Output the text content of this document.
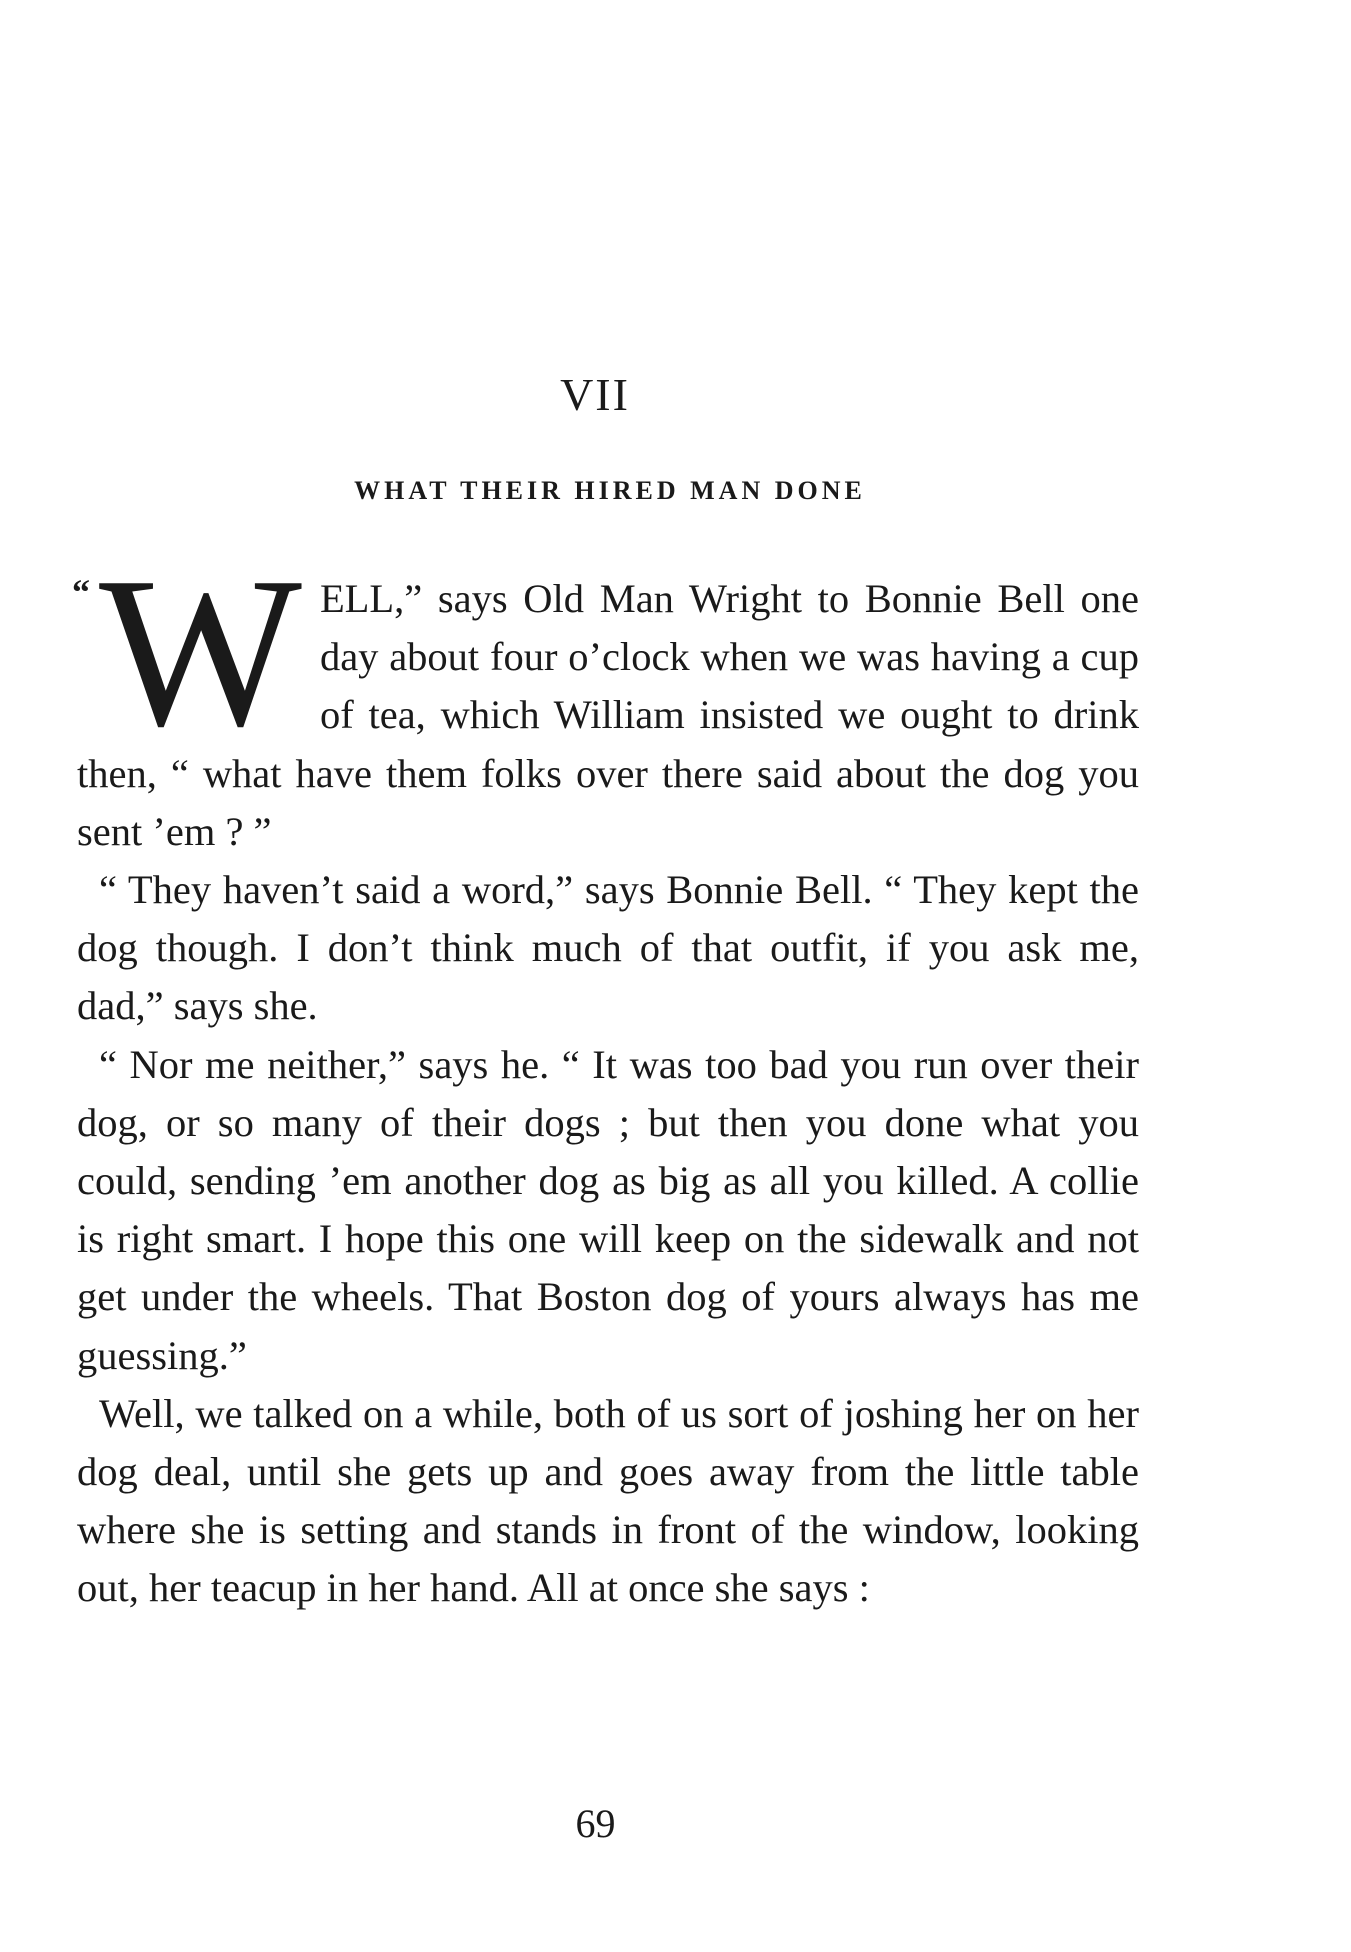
VII
WHAT THEIR HIRED MAN DONE

“ W ELL,” says Old Man Wright to Bonnie Bell one day about four o’clock when we was having a cup of tea, which William insisted we ought to drink then, “ what have them folks over there said about the dog you sent ’em ? ”

“ They haven’t said a word,” says Bonnie Bell. “ They kept the dog though. I don’t think much of that outfit, if you ask me, dad,” says she.

“ Nor me neither,” says he. “ It was too bad you run over their dog, or so many of their dogs ; but then you done what you could, sending ’em another dog as big as all you killed. A collie is right smart. I hope this one will keep on the sidewalk and not get under the wheels. That Boston dog of yours always has me guessing.”

Well, we talked on a while, both of us sort of joshing her on her dog deal, until she gets up and goes away from the little table where she is setting and stands in front of the window, looking out, her teacup in her hand. All at once she says :

69
